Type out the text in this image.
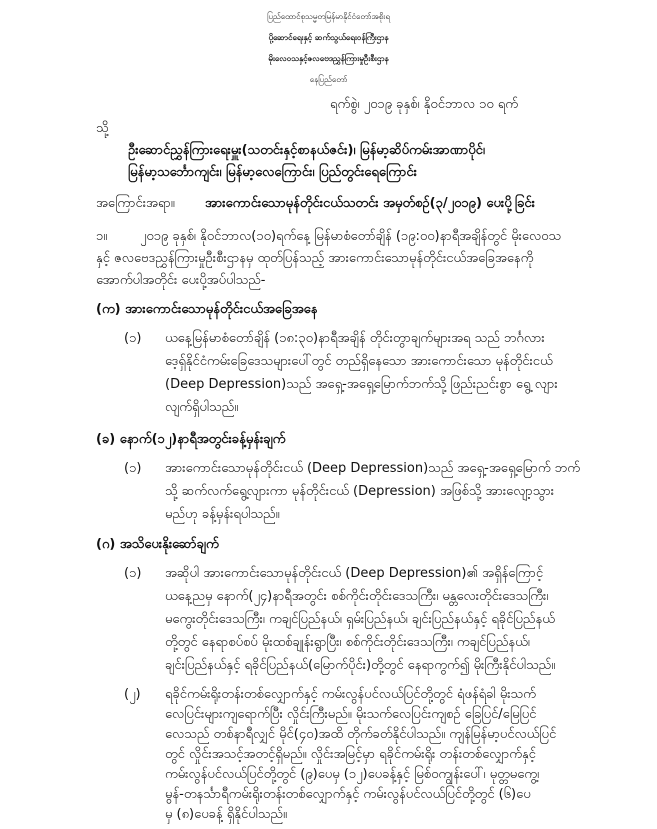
ပြည်ထောင်စုသမ္မတမြန်မာနိုင်ငံတော်အစိုးရ
ပို့ဆောင်ရေးနှင့် ဆက်သွယ်ရေးဝန်ကြီးဌာန
မိုးလေဝသနှင့်ဇလဗေဒညွှန်ကြားမှုဦးစီးဌာန
နေပြည်တော်
ရက်စွဲ၊ ၂၀၁၉ ခုနှစ်၊ နိုဝင်ဘာလ ၁၀ ရက်
သို့
ဦးဆောင်ညွှန်ကြားရေးမှူး(သတင်းနှင့်စာနယ်ဇင်း)၊ မြန်မာ့ဆိပ်ကမ်းအာဏာပိုင်၊
မြန်မာ့သင်္ဘောကျင်း၊ မြန်မာ့လေကြောင်း၊ ပြည်တွင်းရေကြောင်း
အကြောင်းအရာ။ အားကောင်းသောမုန်တိုင်းငယ်သတင်း အမှတ်စဉ်(၃/၂၀၁၉) ပေးပို့ခြင်း
၁။	၂၀၁၉ ခုနှစ်၊ နိုဝင်ဘာလ(၁၀)ရက်နေ့ မြန်မာစံတော်ချိန် (၁၉:၀၀)နာရီအချိန်တွင် မိုးလေဝသ
နှင့် ဇလဗေဒညွှန်ကြားမှုဦးစီးဌာနမှ ထုတ်ပြန်သည့် အားကောင်းသောမုန်တိုင်းငယ်အခြေအနေကို
အောက်ပါအတိုင်း ပေးပို့အပ်ပါသည်-
(က) အားကောင်းသောမုန်တိုင်းငယ်အခြေအနေ
(၁) ယနေ့မြန်မာစံတော်ချိန် (၁၈:၃၀)နာရီအချိန် တိုင်းတွာချက်များအရ သည် ဘင်္ဂလား
ဒေ့ရှ်နိုင်ငံကမ်းခြေဒေသများပေါ်တွင် တည်ရှိနေသော အားကောင်းသော မုန်တိုင်းငယ်
(Deep Depression)သည် အရှေ့-အရှေ့မြောက်ဘက်သို့ ဖြည်းညင်းစွာ ရွေ့ လျား
လျက်ရှိပါသည်။
(ခ) နောက်(၁၂)နာရီအတွင်းခန့်မှန်းချက်
(၁) အားကောင်းသောမုန်တိုင်းငယ် (Deep Depression)သည် အရှေ့-အရှေ့မြောက် ဘက်
သို့ ဆက်လက်ရွေ့လျားကာ မုန်တိုင်းငယ် (Depression) အဖြစ်သို့ အားလျော့သွား
မည်ဟု ခန့်မှန်းရပါသည်။
(ဂ) အသိပေးနိုးဆော်ချက်
(၁) အဆိုပါ အားကောင်းသောမုန်တိုင်းငယ် (Deep Depression)၏ အရှိန်ကြောင့်
ယနေ့ညမှ နောက်(၂၄)နာရီအတွင်း စစ်ကိုင်းတိုင်းဒေသကြီး၊ မန္တလေးတိုင်းဒေသကြီး၊
မကွေးတိုင်းဒေသကြီး၊ ကချင်ပြည်နယ်၊ ရှမ်းပြည်နယ်၊ ချင်းပြည်နယ်နှင့် ရခိုင်ပြည်နယ်
တို့တွင် နေရာစပ်စပ် မိုးထစ်ချုန်းရွာပြီး၊ စစ်ကိုင်းတိုင်းဒေသကြီး၊ ကချင်ပြည်နယ်၊
ချင်းပြည်နယ်နှင့် ရခိုင်ပြည်နယ်(မြောက်ပိုင်း)တို့တွင် နေရာကွက်၍ မိုးကြီးနိုင်ပါသည်။
(၂) ရခိုင်ကမ်းရိုးတန်းတစ်လျှောက်နှင့် ကမ်းလွန်ပင်လယ်ပြင်တို့တွင် ရံဖန်ရံခါ မိုးသက်
လေပြင်းများကျရောက်ပြီး လှိုင်းကြီးမည်။ မိုးသက်လေပြင်းကျစဉ် ခြေပြင်/မြေပြင်
လေသည် တစ်နာရီလျှင် မိုင်(၄၀)အထိ တိုက်ခတ်နိုင်ပါသည်။ ကျန်မြန်မာ့ပင်လယ်ပြင်
တွင် လှိုင်းအသင့်အတင့်ရှိမည်။ လှိုင်းအမြင့်မှာ ရခိုင်ကမ်းရိုး တန်းတစ်လျှောက်နှင့်
ကမ်းလွန်ပင်လယ်ပြင်တို့တွင် (၉)ပေမှ (၁၂)ပေခန့်နှင့် မြစ်ဝကျွန်းပေါ်၊ မုတ္တမကွေ့၊
မွန်-တနင်္သာရီကမ်းရိုးတန်းတစ်လျှောက်နှင့် ကမ်းလွန်ပင်လယ်ပြင်တို့တွင် (၆)ပေ
မှ (၈)ပေခန့် ရှိနိုင်ပါသည်။
